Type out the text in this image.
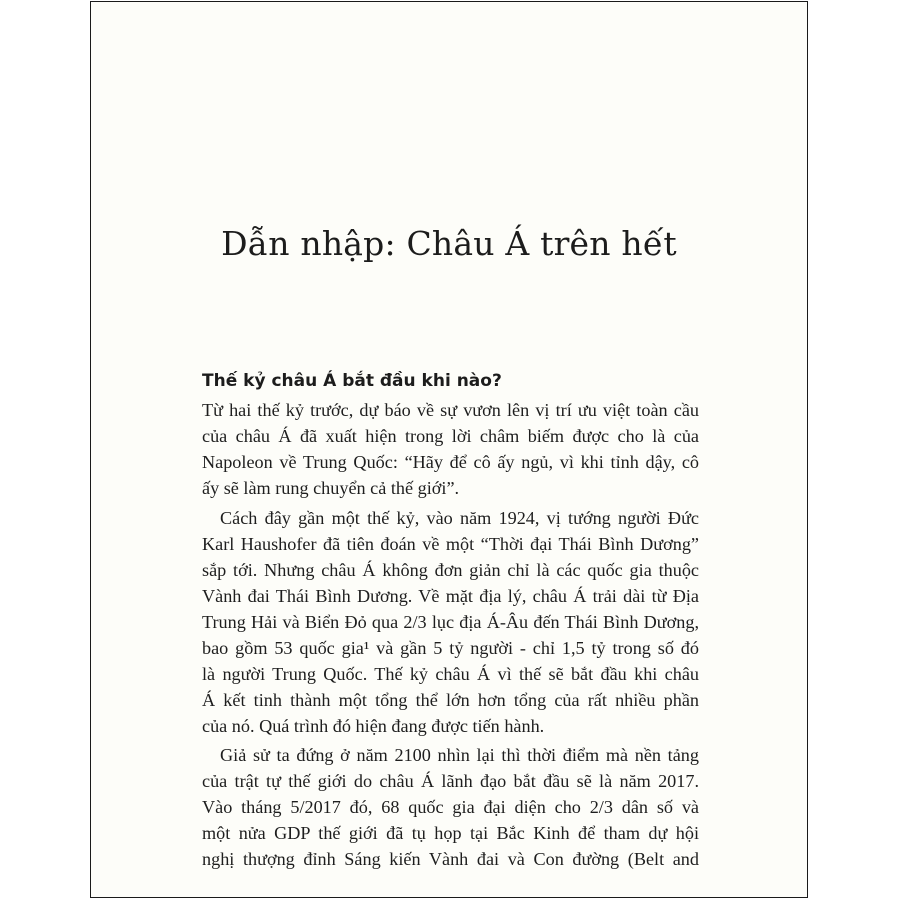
Dẫn nhập: Châu Á trên hết
Thế kỷ châu Á bắt đầu khi nào?
Từ hai thế kỷ trước, dự báo về sự vươn lên vị trí ưu việt toàn cầu
của châu Á đã xuất hiện trong lời châm biếm được cho là của
Napoleon về Trung Quốc: “Hãy để cô ấy ngủ, vì khi tỉnh dậy, cô
ấy sẽ làm rung chuyển cả thế giới”.
Cách đây gần một thế kỷ, vào năm 1924, vị tướng người Đức
Karl Haushofer đã tiên đoán về một “Thời đại Thái Bình Dương”
sắp tới. Nhưng châu Á không đơn giản chỉ là các quốc gia thuộc
Vành đai Thái Bình Dương. Về mặt địa lý, châu Á trải dài từ Địa
Trung Hải và Biển Đỏ qua 2/3 lục địa Á-Âu đến Thái Bình Dương,
bao gồm 53 quốc gia¹ và gần 5 tỷ người - chỉ 1,5 tỷ trong số đó
là người Trung Quốc. Thế kỷ châu Á vì thế sẽ bắt đầu khi châu
Á kết tinh thành một tổng thể lớn hơn tổng của rất nhiều phần
của nó. Quá trình đó hiện đang được tiến hành.
Giả sử ta đứng ở năm 2100 nhìn lại thì thời điểm mà nền tảng
của trật tự thế giới do châu Á lãnh đạo bắt đầu sẽ là năm 2017.
Vào tháng 5/2017 đó, 68 quốc gia đại diện cho 2/3 dân số và
một nửa GDP thế giới đã tụ họp tại Bắc Kinh để tham dự hội
nghị thượng đỉnh Sáng kiến Vành đai và Con đường (Belt and
